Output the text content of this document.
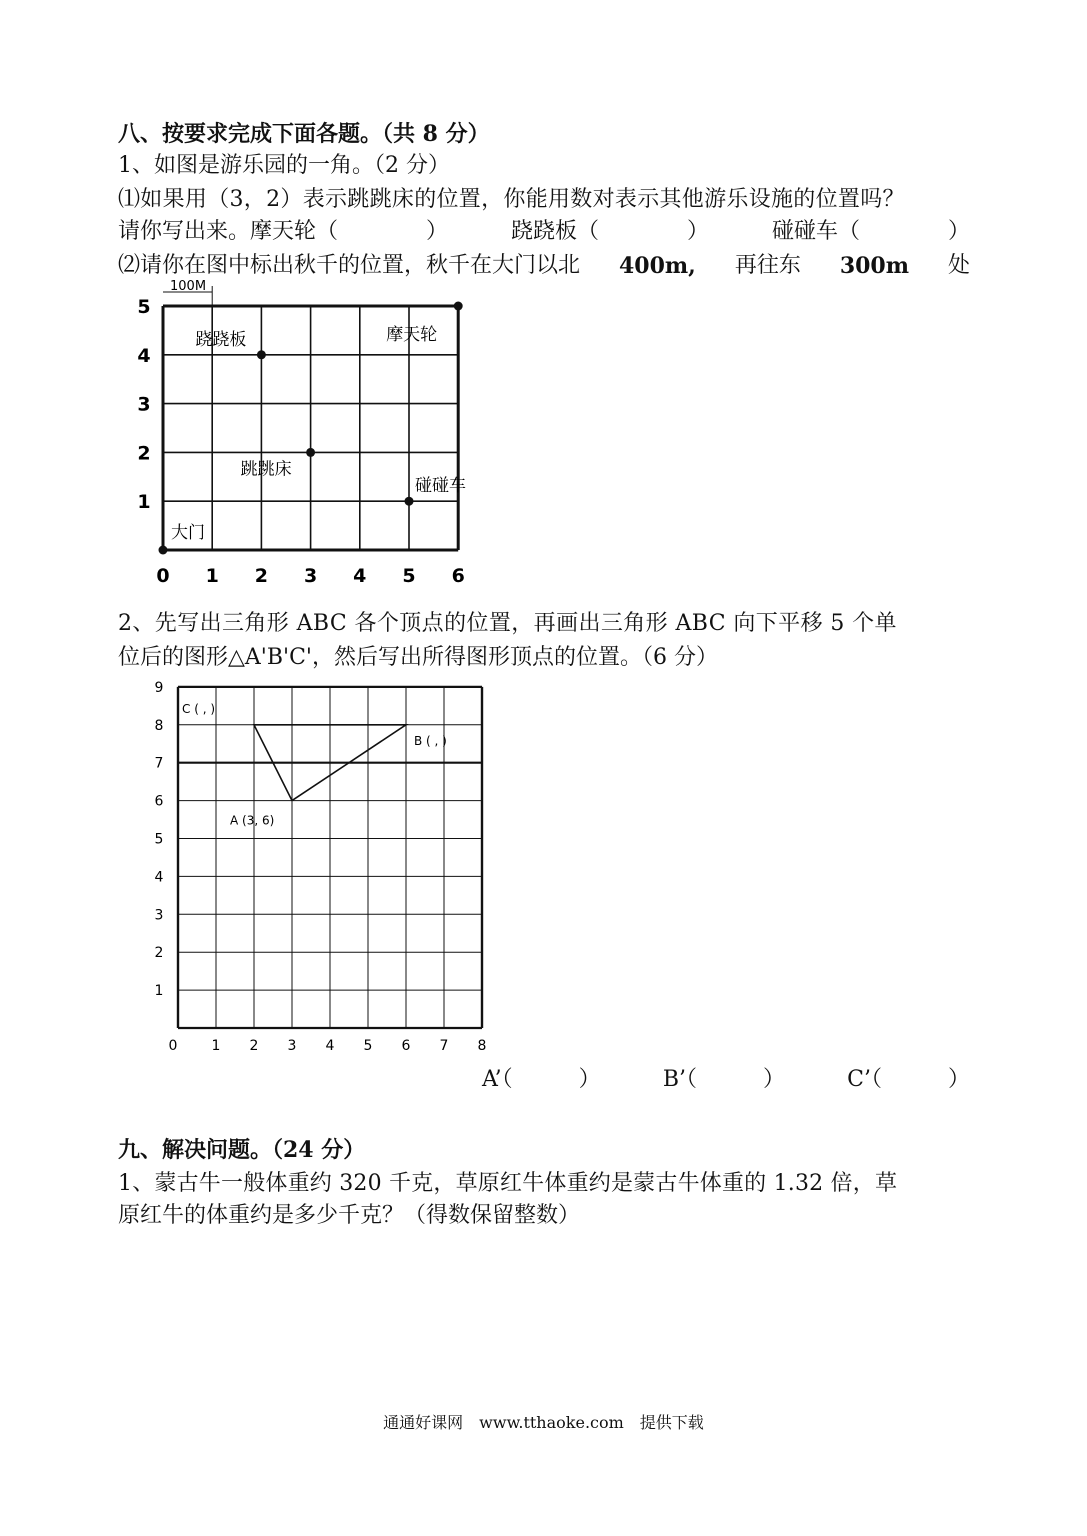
八、按要求完成下面各题。（共 8 分）
1、如图是游乐园的一角。（2 分）
⑴如果用（3，2）表示跳跳床的位置，你能用数对表示其他游乐设施的位置吗？
请你写出来。摩天轮（　　　　）	跷跷板（　　　　）	碰碰车（　　　　）
⑵请你在图中标出秋千的位置，秋千在大门以北 400m, 再往东 300m 处
100M
0 1 2 3 4 5 6
1
2
3
4
5
跷跷板	摩天轮
跳跳床
碰碰车
大门
2、先写出三角形 ABC 各个顶点的位置，再画出三角形 ABC 向下平移 5 个单
位后的图形△A'B'C'，然后写出所得图形顶点的位置。（6 分）
0 1 2 3 4 5 6 7 8
1
2
3
4
5
6
7
8
9
C ( , )
B ( , )
A (3, 6)
A’（　　　）	B’（　　　）	C’（　　　）
九、解决问题。（24 分）
1、蒙古牛一般体重约 320 千克，草原红牛体重约是蒙古牛体重的 1.32 倍，草
原红牛的体重约是多少千克？（得数保留整数）
通通好课网　www.tthaoke.com　提供下载
